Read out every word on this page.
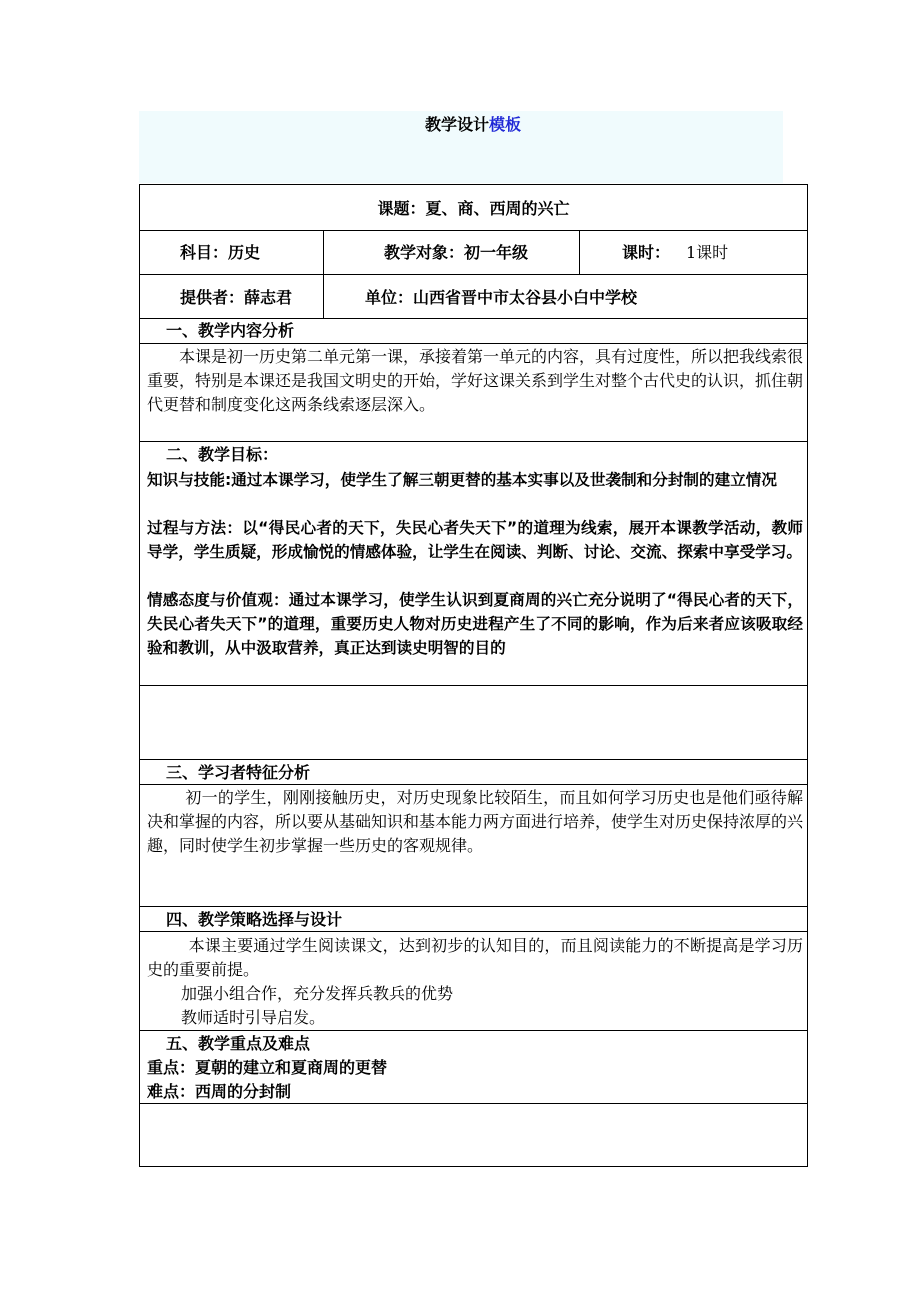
教学设计模板
课题：夏、商、西周的兴亡
科目：历史	教学对象：初一年级	课时： 1课时
提供者：薛志君	单位：山西省晋中市太谷县小白中学校
一、教学内容分析

本课是初一历史第二单元第一课，承接着第一单元的内容，具有过度性，所以把我线索很重要，特别是本课还是我国文明史的开始，学好这课关系到学生对整个古代史的认识，抓住朝代更替和制度变化这两条线索逐层深入。

二、教学目标：

知识与技能:通过本课学习，使学生了解三朝更替的基本实事以及世袭制和分封制的建立情况

过程与方法：以“得民心者的天下，失民心者失天下”的道理为线索，展开本课教学活动，教师导学，学生质疑，形成愉悦的情感体验，让学生在阅读、判断、讨论、交流、探索中享受学习。

情感态度与价值观：通过本课学习，使学生认识到夏商周的兴亡充分说明了“得民心者的天下，失民心者失天下”的道理，重要历史人物对历史进程产生了不同的影响，作为后来者应该吸取经验和教训，从中汲取营养，真正达到读史明智的目的

三、学习者特征分析

初一的学生，刚刚接触历史，对历史现象比较陌生，而且如何学习历史也是他们亟待解决和掌握的内容，所以要从基础知识和基本能力两方面进行培养，使学生对历史保持浓厚的兴趣，同时使学生初步掌握一些历史的客观规律。

四、教学策略选择与设计

本课主要通过学生阅读课文，达到初步的认知目的，而且阅读能力的不断提高是学习历史的重要前提。

加强小组合作，充分发挥兵教兵的优势
教师适时引导启发。
五、教学重点及难点
重点：夏朝的建立和夏商周的更替
难点：西周的分封制
